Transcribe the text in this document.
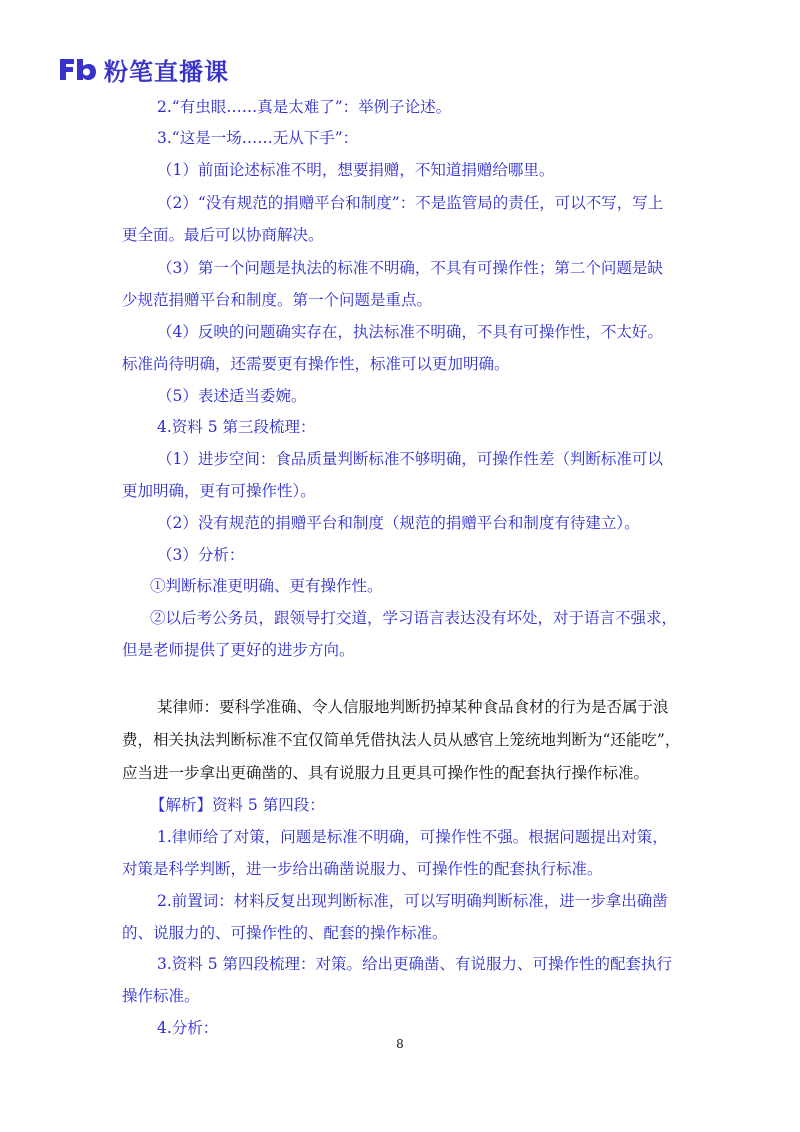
粉笔直播课
2.“有虫眼……真是太难了”：举例子论述。
3.“这是一场……无从下手”：
（1）前面论述标准不明，想要捐赠，不知道捐赠给哪里。
（2）“没有规范的捐赠平台和制度”：不是监管局的责任，可以不写，写上
更全面。最后可以协商解决。
（3）第一个问题是执法的标准不明确，不具有可操作性；第二个问题是缺
少规范捐赠平台和制度。第一个问题是重点。
（4）反映的问题确实存在，执法标准不明确，不具有可操作性，不太好。
标准尚待明确，还需要更有操作性，标准可以更加明确。
（5）表述适当委婉。
4.资料 5 第三段梳理：
（1）进步空间：食品质量判断标准不够明确，可操作性差（判断标准可以
更加明确，更有可操作性）。
（2）没有规范的捐赠平台和制度（规范的捐赠平台和制度有待建立）。
（3）分析：
①判断标准更明确、更有操作性。
②以后考公务员，跟领导打交道，学习语言表达没有坏处，对于语言不强求，
但是老师提供了更好的进步方向。
某律师：要科学准确、令人信服地判断扔掉某种食品食材的行为是否属于浪
费，相关执法判断标准不宜仅简单凭借执法人员从感官上笼统地判断为“还能吃”，
应当进一步拿出更确凿的、具有说服力且更具可操作性的配套执行操作标准。
【解析】资料 5 第四段：
1.律师给了对策，问题是标准不明确，可操作性不强。根据问题提出对策，
对策是科学判断，进一步给出确凿说服力、可操作性的配套执行标准。
2.前置词：材料反复出现判断标准，可以写明确判断标准，进一步拿出确凿
的、说服力的、可操作性的、配套的操作标准。
3.资料 5 第四段梳理：对策。给出更确凿、有说服力、可操作性的配套执行
操作标准。
4.分析：
8
